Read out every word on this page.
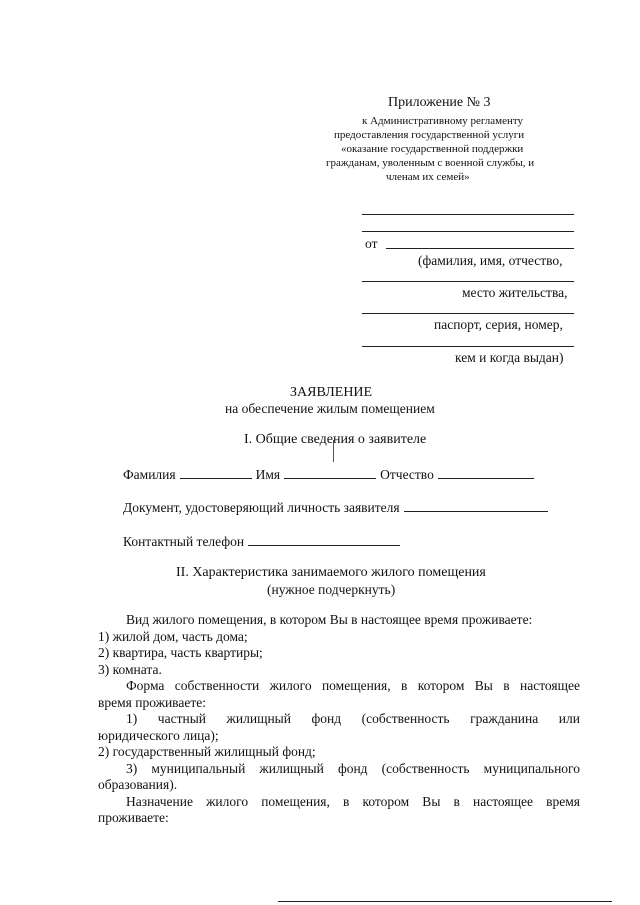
Приложение № 3
к Административному регламенту
предоставления государственной услуги
«оказание государственной поддержки
гражданам, уволенным с военной службы, и
членам их семей»
от
(фамилия, имя, отчество,
место жительства,
паспорт, серия, номер,
кем и когда выдан)
ЗАЯВЛЕНИЕ
на обеспечение жилым помещением
I. Общие сведения о заявителе
Фамилия	Имя	Отчество
Документ, удостоверяющий личность заявителя
Контактный телефон
II. Характеристика занимаемого жилого помещения
(нужное подчеркнуть)

Вид жилого помещения, в котором Вы в настоящее время проживаете:

1) жилой дом, часть дома;

2) квартира, часть квартиры;

3) комната.

Форма собственности жилого помещения, в котором Вы в настоящее

время проживаете:

1) частный жилищный фонд (собственность гражданина или

юридического лица);

2) государственный жилищный фонд;

3) муниципальный жилищный фонд (собственность муниципального

образования).

Назначение жилого помещения, в котором Вы в настоящее время

проживаете:
